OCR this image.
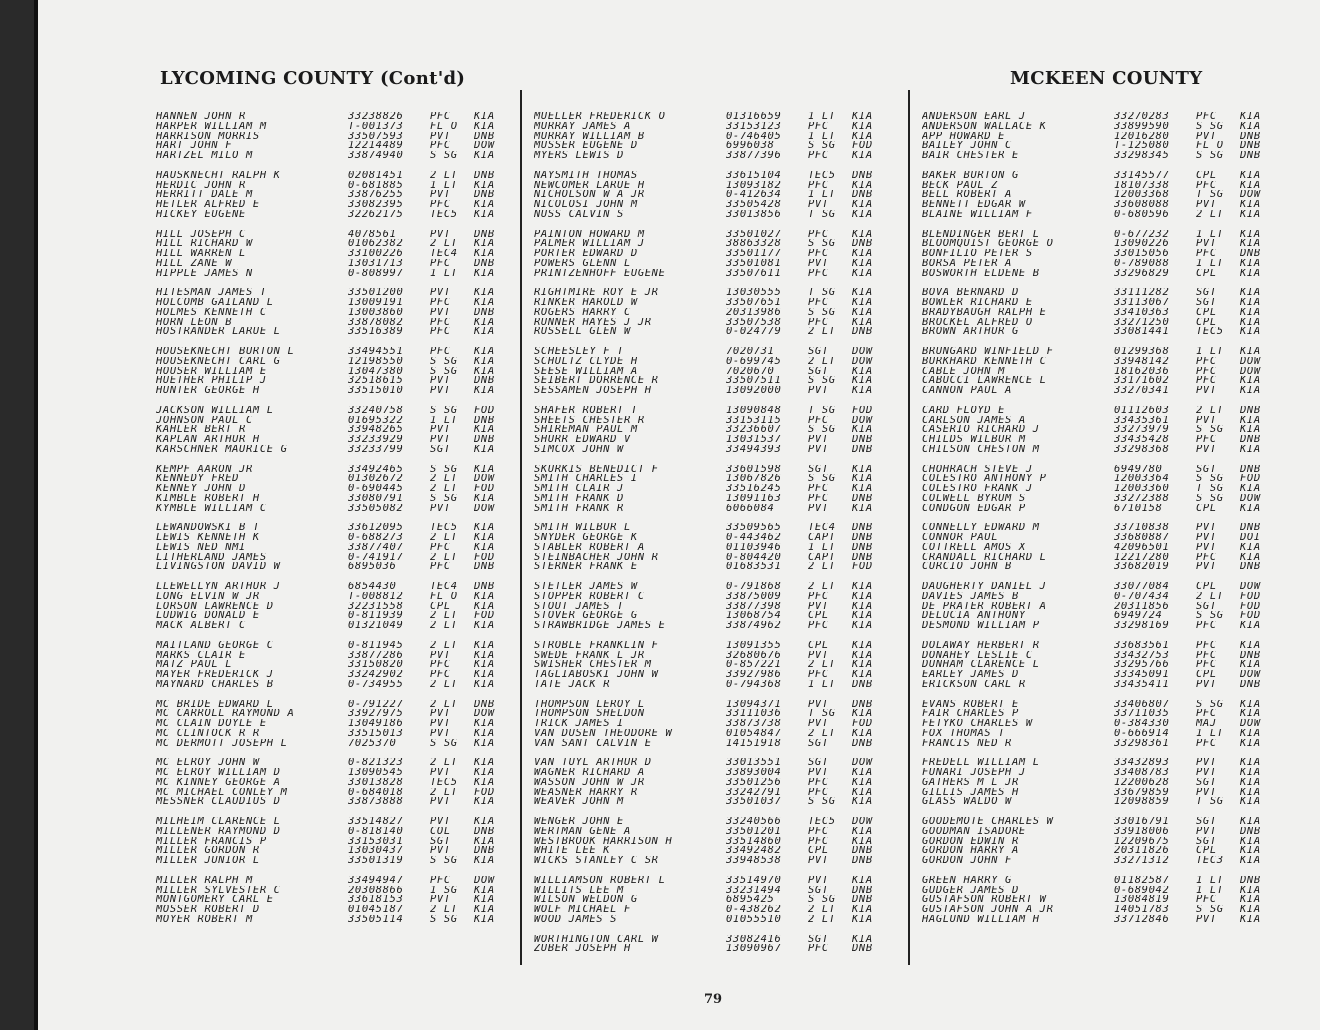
LYCOMING COUNTY (Cont'd)	MCKEEN COUNTY
HANNEN JOHN R	33238826	PFC	KIA
HARPER WILLIAM M	T-001373	FL O	KIA
HARRISON MORRIS	33507593	PVT	DNB
HART JOHN F	12214489	PFC	DOW
HARTZEL MILO M	33874940	S SG	KIA
HAUSKNECHT RALPH K	02081451	2 LT	DNB
HERDIC JOHN R	0-681885	1 LT	KIA
HERRITT DALE M	33876255	PVT	DNB
HETLER ALFRED E	33082395	PFC	KIA
HICKEY EUGENE	32262175	TEC5	KIA
HILL JOSEPH C	4078561	PVT	DNB
HILL RICHARD W	01062382	2 LT	KIA
HILL WARREN L	33100226	TEC4	KIA
HILL ZANE W	13031713	PFC	DNB
HIPPLE JAMES N	0-808997	1 LT	KIA
HITESMAN JAMES T	33501200	PVT	KIA
HOLCOMB GAILAND L	13009191	PFC	KIA
HOLMES KENNETH C	13003860	PVT	DNB
HORN LEON B	33878082	PFC	KIA
HOSTRANDER LARUE L	33516389	PFC	KIA
HOUSEKNECHT BURTON L	33494551	PFC	KIA
HOUSEKNECHT CARL G	12198550	S SG	KIA
HOUSER WILLIAM E	13047380	S SG	KIA
HUETHER PHILIP J	32518615	PVT	DNB
HUNTER GEORGE H	33515010	PVT	KIA
JACKSON WILLIAM L	33240758	S SG	FOD
JOHNSON PAUL C	01695322	1 LT	DNB
KAHLER BERT R	33948265	PVT	KIA
KAPLAN ARTHUR H	33233929	PVT	DNB
KARSCHNER MAURICE G	33233799	SGT	KIA
KEMPF AARON JR	33492465	S SG	KIA
KENNEDY FRED	01302672	2 LT	DOW
KENNEY JOHN D	0-690445	2 LT	FOD
KIMBLE ROBERT H	33080791	S SG	KIA
KYMBLE WILLIAM C	33505082	PVT	DOW
LEWANDOWSKI B T	33612095	TEC5	KIA
LEWIS KENNETH K	0-688273	2 LT	KIA
LEWIS NED NMI	33877407	PFC	KIA
LITHERLAND JAMES	0-741917	2 LT	FOD
LIVINGSTON DAVID W	6895036	PFC	DNB
LLEWELLYN ARTHUR J	6854430	TEC4	DNB
LONG ELVIN W JR	T-008812	FL O	KIA
LORSON LAWRENCE D	32231558	CPL	KIA
LUDWIG DONALD E	0-811939	2 LT	FOD
MACK ALBERT C	01321049	2 LT	KIA
MAITLAND GEORGE C	0-811945	2 LT	KIA
MARKS CLAIR E	33877286	PVT	KIA
MATZ PAUL L	33150820	PFC	KIA
MAYER FREDERICK J	33242902	PFC	KIA
MAYNARD CHARLES B	0-734955	2 LT	KIA
MC BRIDE EDWARD L	0-791227	2 LT	DNB
MC CARROLL RAYMOND A	33927975	PVT	DOW
MC CLAIN DOYLE E	13049186	PVT	KIA
MC CLINTOCK R R	33515013	PVT	KIA
MC DERMOTT JOSEPH L	7025370	S SG	KIA
MC ELROY JOHN W	0-821323	2 LT	KIA
MC ELROY WILLIAM D	13090545	PVT	KIA
MC KINNEY GEORGE A	33013828	TEC5	KIA
MC MICHAEL CONLEY M	0-684018	2 LT	FOD
MESSNER CLAUDIUS D	33873888	PVT	KIA
MILHEIM CLARENCE L	33514827	PVT	KIA
MILLENER RAYMOND D	0-818140	COL	DNB
MILLER FRANCIS P	33153031	SGT	KIA
MILLER GORDON R	13030437	PVT	DNB
MILLER JUNIOR L	33501319	S SG	KIA
MILLER RALPH M	33494947	PFC	DOW
MILLER SYLVESTER C	20308866	1 SG	KIA
MONTGOMERY CARL E	33618153	PVT	KIA
MOSSER ROBERT D	01045187	2 LT	KIA
MOYER ROBERT M	33505114	S SG	KIA
MUELLER FREDERICK O	01316659	1 LT	KIA
MURRAY JAMES A	33153123	PFC	KIA
MURRAY WILLIAM B	0-746405	1 LT	KIA
MUSSER EUGENE D	6996038	S SG	FOD
MYERS LEWIS D	33877396	PFC	KIA
NAYSMITH THOMAS	33615104	TEC5	DNB
NEWCOMER LARUE H	13093182	PFC	KIA
NICHOLSON W A JR	0-412634	1 LT	DNB
NICOLOSI JOHN M	33505428	PVT	KIA
NUSS CALVIN S	33013856	T SG	KIA
PAINTON HOWARD M	33501027	PFC	KIA
PALMER WILLIAM J	38863328	S SG	DNB
PORTER EDWARD D	33501177	PFC	KIA
POWERS GLENN L	33501081	PVT	KIA
PRINTZENHOFF EUGENE	33507611	PFC	KIA
RIGHTMIRE ROY E JR	13030555	T SG	KIA
RINKER HAROLD W	33507651	PFC	KIA
ROGERS HARRY C	20313986	S SG	KIA
RUNNER HAYES J JR	33507538	PFC	KIA
RUSSELL GLEN W	0-024779	2 LT	DNB
SCHEESLEY F T	7020731	SGT	DOW
SCHULTZ CLYDE H	0-699745	2 LT	DOW
SEESE WILLIAM A	7020670	SGT	KIA
SEIBERT DORRENCE R	33507511	S SG	KIA
SESSAMEN JOSEPH H	13092000	PVT	KIA
SHAFER ROBERT T	13090848	T SG	FOD
SHEETS CHESTER R	33153115	PFC	DOW
SHIREMAN PAUL M	33236607	S SG	KIA
SHURR EDWARD V	13031537	PVT	DNB
SIMCOX JOHN W	33494393	PVT	DNB
SKURKIS BENEDICT F	33601598	SGT	KIA
SMITH CHARLES I	13067826	S SG	KIA
SMITH CLAIR J	33516245	PFC	KIA
SMITH FRANK D	13091163	PFC	DNB
SMITH FRANK R	6066084	PVT	KIA
SMITH WILBUR L	33509565	TEC4	DNB
SNYDER GEORGE K	0-443462	CAPT	DNB
STABLER ROBERT A	01103946	1 LT	DNB
STEINBACHER JOHN R	0-804420	CAPT	DNB
STERNER FRANK E	01683531	2 LT	FOD
STETLER JAMES W	0-791868	2 LT	KIA
STOPPER ROBERT C	33875009	PFC	KIA
STOUT JAMES T	33877398	PVT	KIA
STOVER GEORGE G	13068754	CPL	KIA
STRAWBRIDGE JAMES E	33874962	PFC	KIA
STROBLE FRANKLIN F	13091355	CPL	KIA
SWEDE FRANK L JR	32680676	PVT	KIA
SWISHER CHESTER M	0-857221	2 LT	KIA
TAGLIABOSKI JOHN W	33927986	PFC	KIA
TATE JACK R	0-794368	1 LT	DNB
THOMPSON LEROY L	13094371	PVT	DNB
THOMPSON SHELDON	33111036	T SG	KIA
TRICK JAMES I	33873738	PVT	FOD
VAN DUSEN THEODORE W	01054847	2 LT	KIA
VAN SANT CALVIN E	14151918	SGT	DNB
VAN TUYL ARTHUR D	33013551	SGT	DOW
WAGNER RICHARD A	33893004	PVT	KIA
WASSON JOHN W JR	33501256	PFC	KIA
WEASNER HARRY R	33242791	PFC	KIA
WEAVER JOHN M	33501037	S SG	KIA
WENGER JOHN E	33240566	TEC5	DOW
WERTMAN GENE A	33501201	PFC	KIA
WESTBROOK HARRISON H	33514860	PFC	KIA
WHITE LEE K	33492482	CPL	DNB
WICKS STANLEY C SR	33948538	PVT	DNB
WILLIAMSON ROBERT L	33514970	PVT	KIA
WILLITS LEE M	33231494	SGT	DNB
WILSON WELDON G	6895425	S SG	DNB
WOLF MICHAEL F	0-438262	2 LT	KIA
WOOD JAMES S	01055510	2 LT	KIA
WORTHINGTON CARL W	33082416	SGT	KIA
ZUBER JOSEPH H	13090967	PFC	DNB
ANDERSON EARL J	33270283	PFC	KIA
ANDERSON WALLACE K	33899590	S SG	KIA
APP HOWARD E	12016280	PVT	DNB
BAILEY JOHN C	T-125080	FL O	DNB
BAIR CHESTER E	33298345	S SG	DNB
BAKER BURTON G	33145577	CPL	KIA
BECK PAUL Z	18107338	PFC	KIA
BELL ROBERT A	12003368	T SG	DOW
BENNETT EDGAR W	33608088	PVT	KIA
BLAINE WILLIAM F	0-680596	2 LT	KIA
BLENDINGER BERT L	0-677232	1 LT	KIA
BLOOMQUIST GEORGE O	13090226	PVT	KIA
BONFILIO PETER S	33015056	PFC	DNB
BORSA PETER A	0-789088	1 LT	KIA
BOSWORTH ELDENE B	33296829	CPL	KIA
BOVA BERNARD D	33111282	SGT	KIA
BOWLER RICHARD E	33113067	SGT	KIA
BRADYBAUGH RALPH E	33410363	CPL	KIA
BROCKEL ALFRED O	33271250	CPL	KIA
BROWN ARTHUR G	33081441	TEC5	KIA
BRUNGARD WINFIELD F	01299368	1 LT	KIA
BURKHARD KENNETH C	33948142	PFC	DOW
CABLE JOHN M	18162036	PFC	DOW
CABUCCI LAWRENCE L	33171602	PFC	KIA
CANNON PAUL A	33270341	PVT	KIA
CARD FLOYD E	01112603	2 LT	DNB
CARLSON JAMES A	33435361	PVT	KIA
CASERIO RICHARD J	33273979	S SG	KIA
CHILDS WILBUR M	33435428	PFC	DNB
CHILSON CHESTON M	33298368	PVT	KIA
CHOHRACH STEVE J	6949780	SGT	DNB
COLESTRO ANTHONY P	12003364	S SG	FOD
COLESTRO FRANK J	12003360	T SG	KIA
COLWELL BYRUM S	33272388	S SG	DOW
CONDGON EDGAR P	6710158	CPL	KIA
CONNELLY EDWARD M	33710838	PVT	DNB
CONNOR PAUL	33680887	PVT	DOI
COTTRELL AMOS X	42096501	PVT	KIA
CRANDALL RICHARD L	12217280	PFC	KIA
CURCIO JOHN B	33682019	PVT	DNB
DAUGHERTY DANIEL J	33077084	CPL	DOW
DAVIES JAMES B	0-707434	2 LT	FOD
DE PRATER ROBERT A	20311856	SGT	FOD
DELUCIA ANTHONY	6949724	S SG	FOD
DESMOND WILLIAM P	33298169	PFC	KIA
DOLAWAY HERBERT R	33683561	PFC	KIA
DONAHEY LESLIE C	33432753	PFC	DNB
DUNHAM CLARENCE L	33295766	PFC	KIA
EARLEY JAMES D	33345091	CPL	DOW
ERICKSON CARL R	33435411	PVT	DNB
EVANS ROBERT E	33406807	S SG	KIA
FAIR CHARLES P	33711035	PFC	KIA
FETYKO CHARLES W	0-384330	MAJ	DOW
FOX THOMAS T	0-666914	1 LT	KIA
FRANCIS NED R	33298361	PFC	KIA
FREDELL WILLIAM L	33432893	PVT	KIA
FUNARI JOSEPH J	33408783	PVT	KIA
GATHERS M L JR	12200628	SGT	KIA
GILLIS JAMES H	33679859	PVT	KIA
GLASS WALDO W	12098859	T SG	KIA
GOODEMOTE CHARLES W	33016791	SGT	KIA
GOODMAN ISADORE	33918006	PVT	DNB
GORDON EDWIN R	12209675	SGT	KIA
GORDON HARRY A	20311826	CPL	KIA
GORDON JOHN F	33271312	TEC3	KIA
GREEN HARRY G	01182587	1 LT	DNB
GUDGER JAMES D	0-689042	1 LT	KIA
GUSTAFSON ROBERT W	13084819	PFC	KIA
GUSTAFSON JOHN A JR	14051783	S SG	KIA
HAGLUND WILLIAM H	33712846	PVT	KIA
79
